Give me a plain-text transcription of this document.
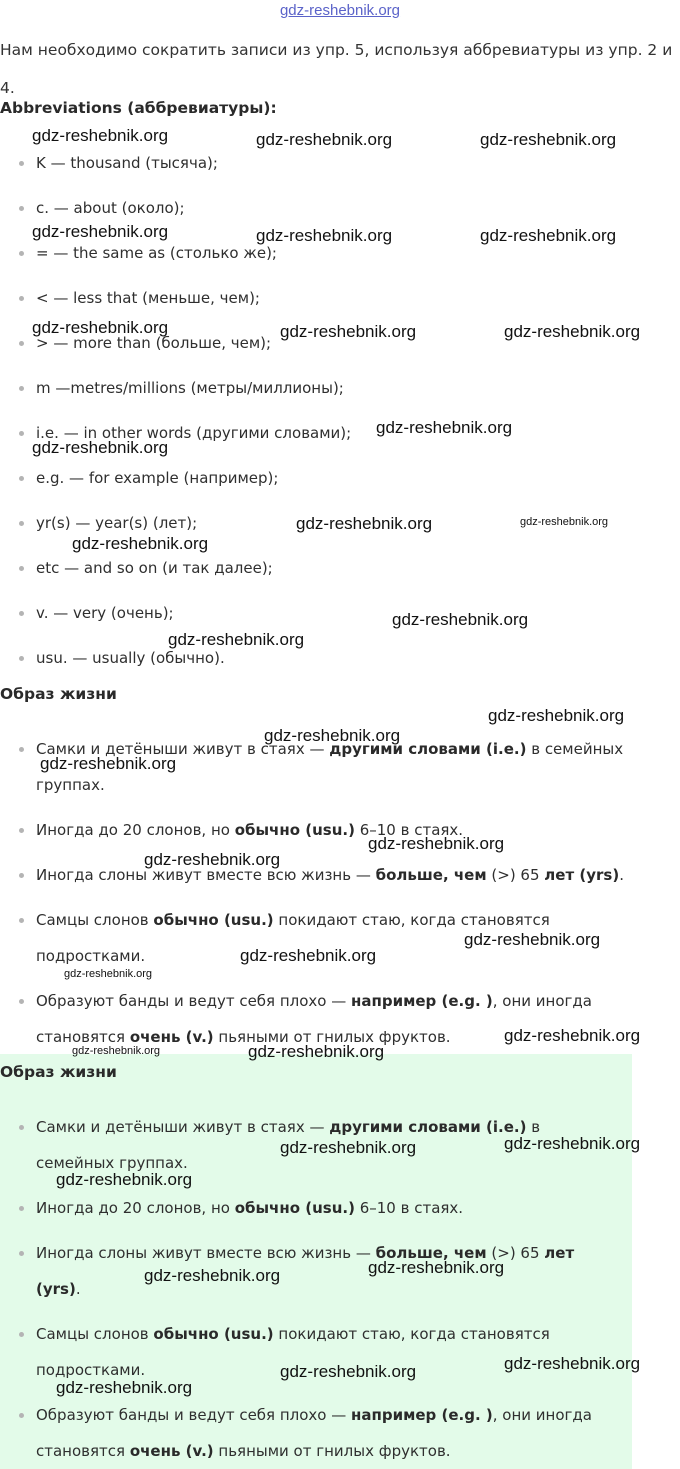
gdz-reshebnik.org
Нам необходимо сократить записи из упр. 5, используя аббревиатуры из упр. 2 и 4.
Abbreviations (аббревиатуры):
K — thousand (тысяча);
c. — about (около);
= — the same as (столько же);
< — less that (меньше, чем);
> — more than (больше, чем);
m —metres/millions (метры/миллионы);
i.e. — in other words (другими словами);
e.g. — for example (например);
yr(s) — year(s) (лет);
etc — and so on (и так далее);
v. — very (очень);
usu. — usually (обычно).
Образ жизни
Самки и детёныши живут в стаях — другими словами (i.e.) в семейных группах.
Иногда до 20 слонов, но обычно (usu.) 6–10 в стаях.
Иногда слоны живут вместе всю жизнь — больше, чем (>) 65 лет (yrs).
Самцы слонов обычно (usu.) покидают стаю, когда становятся подростками.
Образуют банды и ведут себя плохо — например (e.g. ), они иногда становятся очень (v.) пьяными от гнилых фруктов.
Образ жизни
Самки и детёныши живут в стаях — другими словами (i.e.) в семейных группах.
Иногда до 20 слонов, но обычно (usu.) 6–10 в стаях.
Иногда слоны живут вместе всю жизнь — больше, чем (>) 65 лет (yrs).
Самцы слонов обычно (usu.) покидают стаю, когда становятся подростками.
Образуют банды и ведут себя плохо — например (e.g. ), они иногда становятся очень (v.) пьяными от гнилых фруктов.
gdz-reshebnik.org	gdz-reshebnik.org	gdz-reshebnik.org
gdz-reshebnik.org	gdz-reshebnik.org	gdz-reshebnik.org
gdz-reshebnik.org	gdz-reshebnik.org	gdz-reshebnik.org
gdz-reshebnik.org
gdz-reshebnik.org
gdz-reshebnik.org	gdz-reshebnik.org
gdz-reshebnik.org
gdz-reshebnik.org
gdz-reshebnik.org
gdz-reshebnik.org
gdz-reshebnik.org
gdz-reshebnik.org
gdz-reshebnik.org
gdz-reshebnik.org
gdz-reshebnik.org
gdz-reshebnik.org
gdz-reshebnik.org
gdz-reshebnik.org
gdz-reshebnik.org	gdz-reshebnik.org
gdz-reshebnik.org	gdz-reshebnik.org
gdz-reshebnik.org
gdz-reshebnik.org
gdz-reshebnik.org
gdz-reshebnik.org
gdz-reshebnik.org
gdz-reshebnik.org
